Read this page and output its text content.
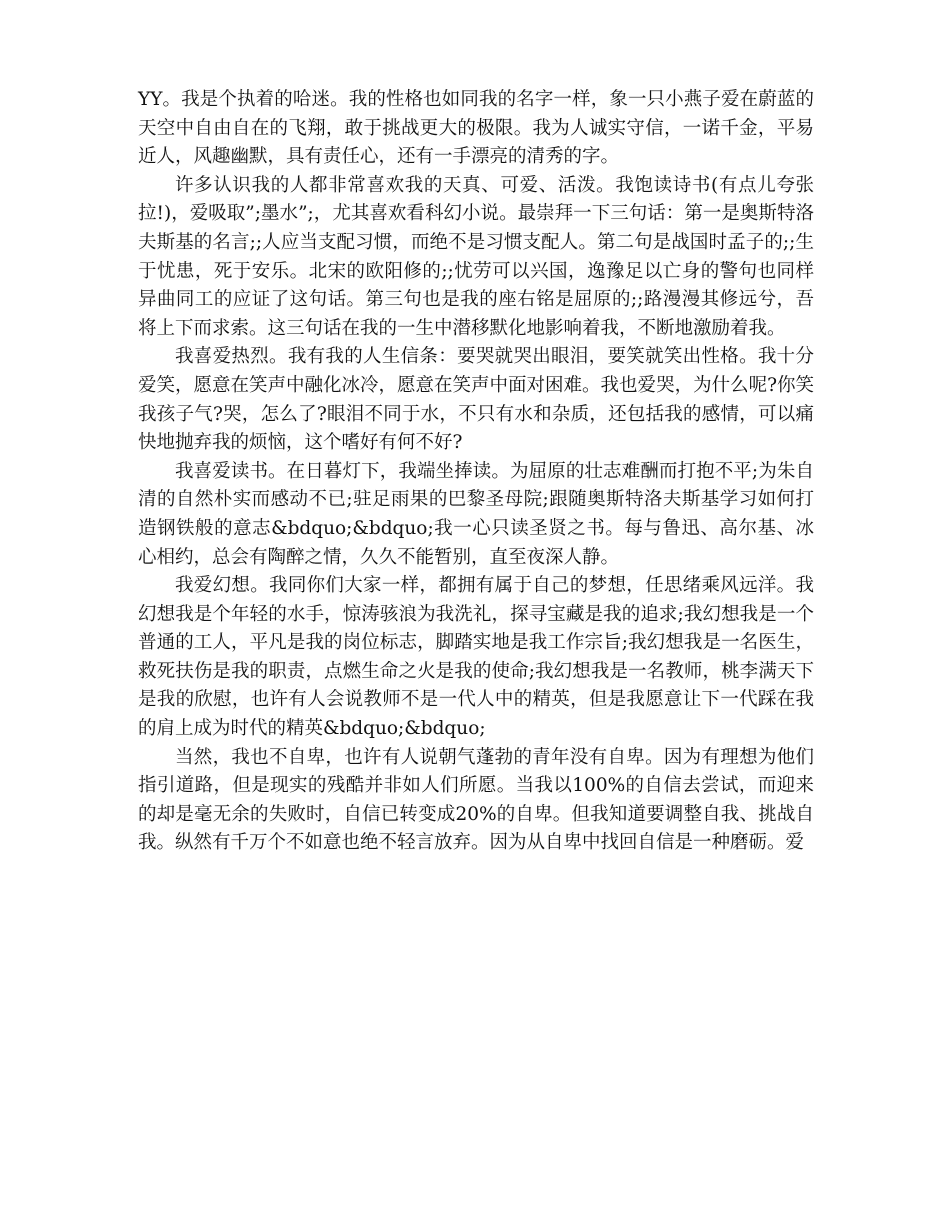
YY。我是个执着的哈迷。我的性格也如同我的名字一样，象一只小燕子爱在蔚蓝的天空中自由自在的飞翔，敢于挑战更大的极限。我为人诚实守信，一诺千金，平易近人，风趣幽默，具有责任心，还有一手漂亮的清秀的字。

许多认识我的人都非常喜欢我的天真、可爱、活泼。我饱读诗书(有点儿夸张拉!)，爱吸取”;墨水”;，尤其喜欢看科幻小说。最崇拜一下三句话：第一是奥斯特洛夫斯基的名言;;人应当支配习惯，而绝不是习惯支配人。第二句是战国时孟子的;;生于忧患，死于安乐。北宋的欧阳修的;;忧劳可以兴国，逸豫足以亡身的警句也同样异曲同工的应证了这句话。第三句也是我的座右铭是屈原的;;路漫漫其修远兮，吾将上下而求索。这三句话在我的一生中潜移默化地影响着我，不断地激励着我。

我喜爱热烈。我有我的人生信条：要哭就哭出眼泪，要笑就笑出性格。我十分爱笑，愿意在笑声中融化冰冷，愿意在笑声中面对困难。我也爱哭，为什么呢?你笑我孩子气?哭，怎么了?眼泪不同于水，不只有水和杂质，还包括我的感情，可以痛快地抛弃我的烦恼，这个嗜好有何不好?

我喜爱读书。在日暮灯下，我端坐捧读。为屈原的壮志难酬而打抱不平;为朱自清的自然朴实而感动不已;驻足雨果的巴黎圣母院;跟随奥斯特洛夫斯基学习如何打造钢铁般的意志&bdquo;&bdquo;我一心只读圣贤之书。每与鲁迅、高尔基、冰心相约，总会有陶醉之情，久久不能暂别，直至夜深人静。

我爱幻想。我同你们大家一样，都拥有属于自己的梦想，任思绪乘风远洋。我幻想我是个年轻的水手，惊涛骇浪为我洗礼，探寻宝藏是我的追求;我幻想我是一个普通的工人，平凡是我的岗位标志，脚踏实地是我工作宗旨;我幻想我是一名医生，救死扶伤是我的职责，点燃生命之火是我的使命;我幻想我是一名教师，桃李满天下是我的欣慰，也许有人会说教师不是一代人中的精英，但是我愿意让下一代踩在我的肩上成为时代的精英&bdquo;&bdquo;

当然，我也不自卑，也许有人说朝气蓬勃的青年没有自卑。因为有理想为他们指引道路，但是现实的残酷并非如人们所愿。当我以100%的自信去尝试，而迎来的却是毫无余的失败时，自信已转变成20%的自卑。但我知道要调整自我、挑战自我。纵然有千万个不如意也绝不轻言放弃。因为从自卑中找回自信是一种磨砺。爱
